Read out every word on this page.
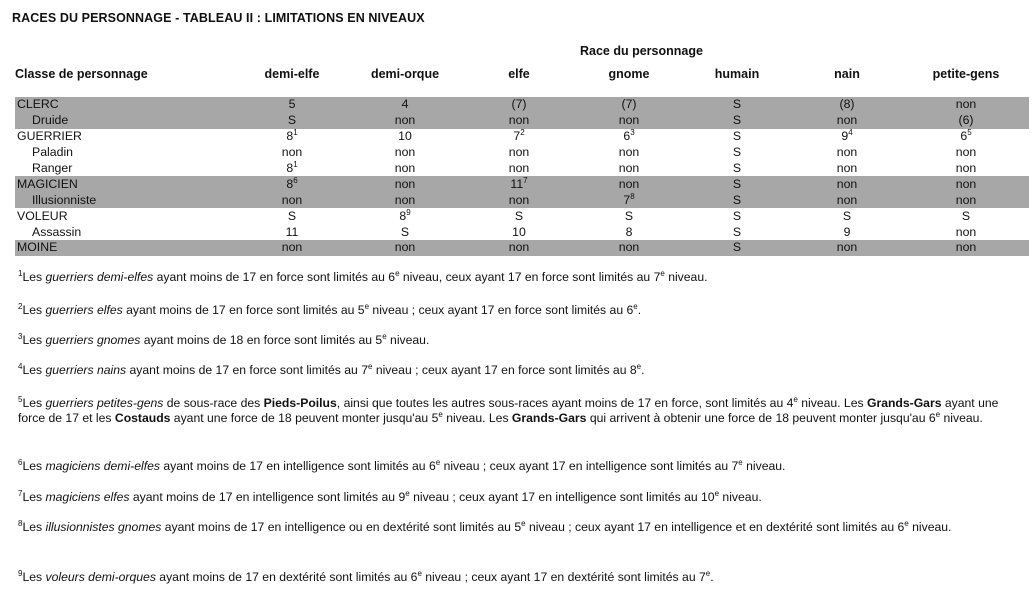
RACES DU PERSONNAGE - TABLEAU II : LIMITATIONS EN NIVEAUX
Race du personnage
Classe de personnage	demi-elfe	demi-orque	elfe	gnome	humain	nain	petite-gens

CLERC	5	4	(7)	(7)	S	(8)	non
Druide	S	non	non	non	S	non	(6)
GUERRIER	$8^1$	10	$7^2$	$6^3$	S	$9^4$	$6^5$
Paladin	non	non	non	non	S	non	non
Ranger	$8^1$	non	non	non	S	non	non
MAGICIEN	$8^6$	non	$11^7$	non	S	non	non
Illusionniste	non	non	non	$7^8$	S	non	non
VOLEUR	S	$8^9$	S	S	S	S	S
Assassin	11	S	10	8	S	9	non
MOINE	non	non	non	non	S	non	non
$^1$Les guerriers demi-elfes ayant moins de 17 en force sont limités au 6e niveau, ceux ayant 17 en force sont limités au 7e niveau.
$^2$Les guerriers elfes ayant moins de 17 en force sont limités au 5e niveau ; ceux ayant 17 en force sont limités au 6e.
$^3$Les guerriers gnomes ayant moins de 18 en force sont limités au 5e niveau.
$^4$Les guerriers nains ayant moins de 17 en force sont limités au 7e niveau ; ceux ayant 17 en force sont limités au 8e.
$^5$Les guerriers petites-gens de sous-race des Pieds-Poilus, ainsi que toutes les autres sous-races ayant moins de 17 en force, sont limités au 4e niveau. Les Grands-Gars ayant une force de 17 et les Costauds ayant une force de 18 peuvent monter jusqu'au 5e niveau. Les Grands-Gars qui arrivent à obtenir une force de 18 peuvent monter jusqu'au 6e niveau.
$^6$Les magiciens demi-elfes ayant moins de 17 en intelligence sont limités au 6e niveau ; ceux ayant 17 en intelligence sont limités au 7e niveau.
$^7$Les magiciens elfes ayant moins de 17 en intelligence sont limités au 9e niveau ; ceux ayant 17 en intelligence sont limités au 10e niveau.
$^8$Les illusionnistes gnomes ayant moins de 17 en intelligence ou en dextérité sont limités au 5e niveau ; ceux ayant 17 en intelligence et en dextérité sont limités au 6e niveau.
$^9$Les voleurs demi-orques ayant moins de 17 en dextérité sont limités au 6e niveau ; ceux ayant 17 en dextérité sont limités au 7e.
